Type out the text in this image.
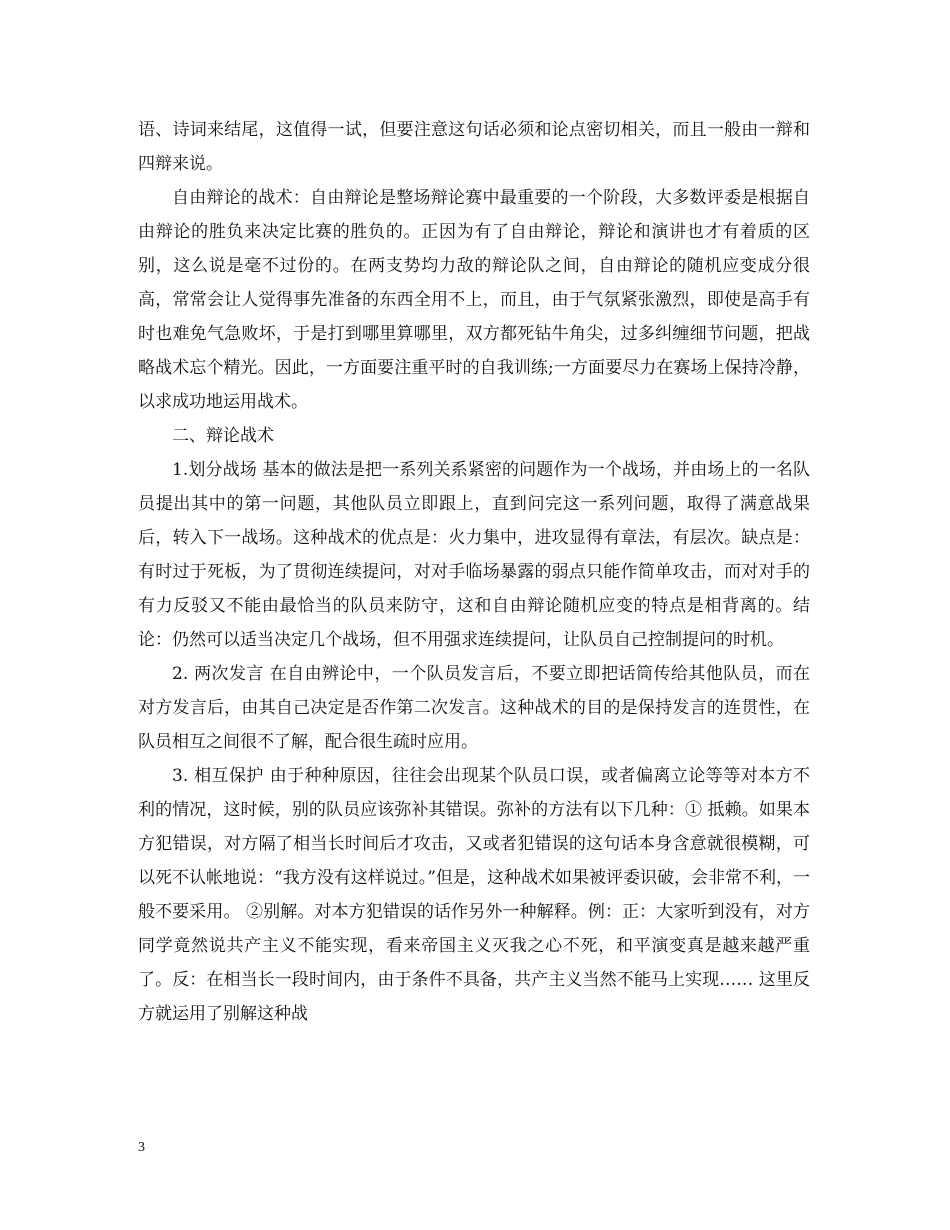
语、诗词来结尾，这值得一试，但要注意这句话必须和论点密切相关，而且一般由一辩和四辩来说。

自由辩论的战术：自由辩论是整场辩论赛中最重要的一个阶段，大多数评委是根据自由辩论的胜负来决定比赛的胜负的。正因为有了自由辩论，辩论和演讲也才有着质的区别，这么说是毫不过份的。在两支势均力敌的辩论队之间，自由辩论的随机应变成分很高，常常会让人觉得事先准备的东西全用不上，而且，由于气氛紧张激烈，即使是高手有时也难免气急败坏，于是打到哪里算哪里，双方都死钻牛角尖，过多纠缠细节问题，把战略战术忘个精光。因此，一方面要注重平时的自我训练;一方面要尽力在赛场上保持冷静，以求成功地运用战术。

二、辩论战术

1.划分战场 基本的做法是把一系列关系紧密的问题作为一个战场，并由场上的一名队员提出其中的第一问题，其他队员立即跟上，直到问完这一系列问题，取得了满意战果后，转入下一战场。这种战术的优点是：火力集中，进攻显得有章法，有层次。缺点是：有时过于死板，为了贯彻连续提问，对对手临场暴露的弱点只能作简单攻击，而对对手的有力反驳又不能由最恰当的队员来防守，这和自由辩论随机应变的特点是相背离的。结论：仍然可以适当决定几个战场，但不用强求连续提问，让队员自己控制提问的时机。

2. 两次发言 在自由辨论中，一个队员发言后，不要立即把话筒传给其他队员，而在对方发言后，由其自己决定是否作第二次发言。这种战术的目的是保持发言的连贯性，在队员相互之间很不了解，配合很生疏时应用。

3. 相互保护 由于种种原因，往往会出现某个队员口误，或者偏离立论等等对本方不利的情况，这时候，别的队员应该弥补其错误。弥补的方法有以下几种：① 抵赖。如果本方犯错误，对方隔了相当长时间后才攻击，又或者犯错误的这句话本身含意就很模糊，可以死不认帐地说：“我方没有这样说过。”但是，这种战术如果被评委识破，会非常不利，一般不要采用。 ②别解。对本方犯错误的话作另外一种解释。例：正：大家听到没有，对方同学竟然说共产主义不能实现，看来帝国主义灭我之心不死，和平演变真是越来越严重了。反：在相当长一段时间内，由于条件不具备，共产主义当然不能马上实现…… 这里反方就运用了别解这种战

3
